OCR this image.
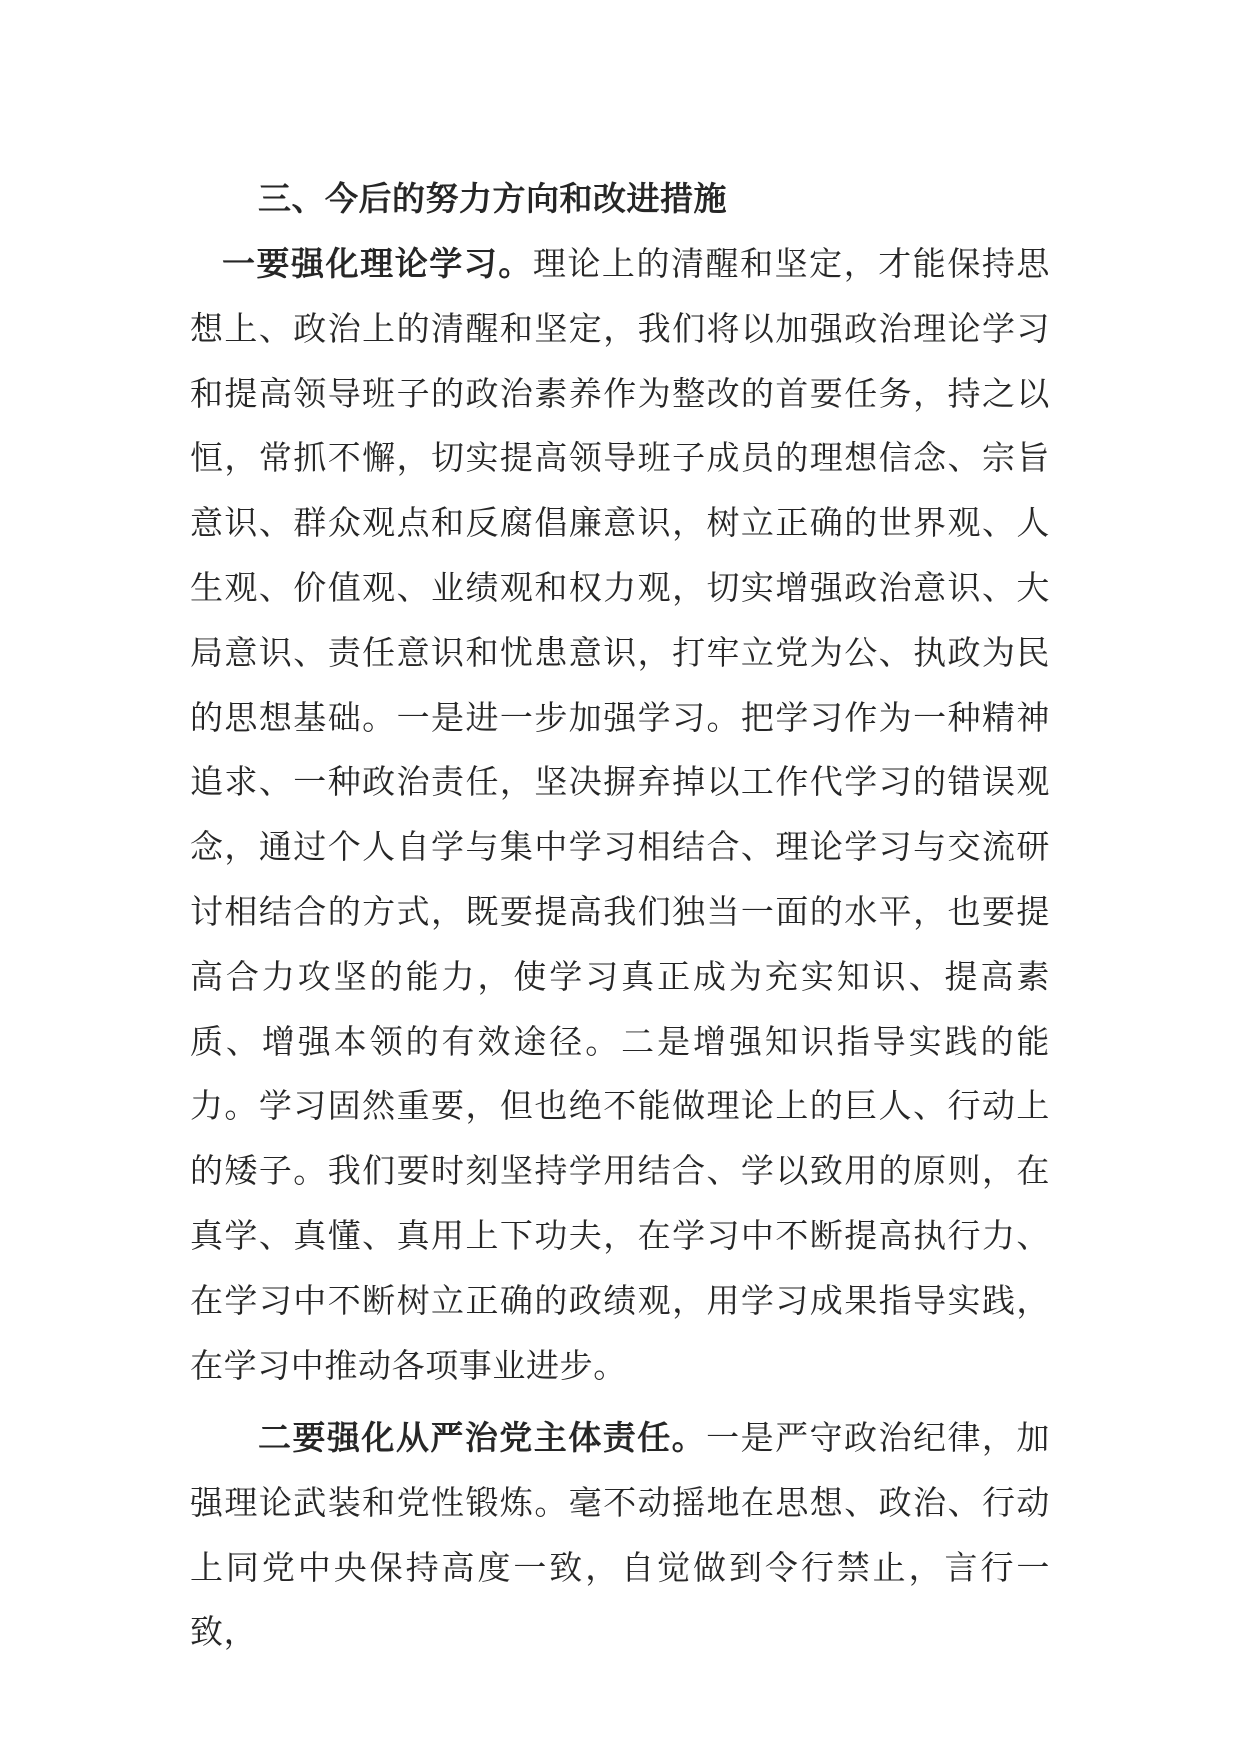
三、今后的努力方向和改进措施

一要强化理论学习。理论上的清醒和坚定，才能保持思想上、政治上的清醒和坚定，我们将以加强政治理论学习和提高领导班子的政治素养作为整改的首要任务，持之以恒，常抓不懈，切实提高领导班子成员的理想信念、宗旨意识、群众观点和反腐倡廉意识，树立正确的世界观、人生观、价值观、业绩观和权力观，切实增强政治意识、大局意识、责任意识和忧患意识，打牢立党为公、执政为民的思想基础。一是进一步加强学习。把学习作为一种精神追求、一种政治责任，坚决摒弃掉以工作代学习的错误观念，通过个人自学与集中学习相结合、理论学习与交流研讨相结合的方式，既要提高我们独当一面的水平，也要提高合力攻坚的能力，使学习真正成为充实知识、提高素质、增强本领的有效途径。二是增强知识指导实践的能力。学习固然重要，但也绝不能做理论上的巨人、行动上的矮子。我们要时刻坚持学用结合、学以致用的原则，在真学、真懂、真用上下功夫，在学习中不断提高执行力、在学习中不断树立正确的政绩观，用学习成果指导实践，在学习中推动各项事业进步。

二要强化从严治党主体责任。一是严守政治纪律，加强理论武装和党性锻炼。毫不动摇地在思想、政治、行动上同党中央保持高度一致，自觉做到令行禁止，言行一致，
